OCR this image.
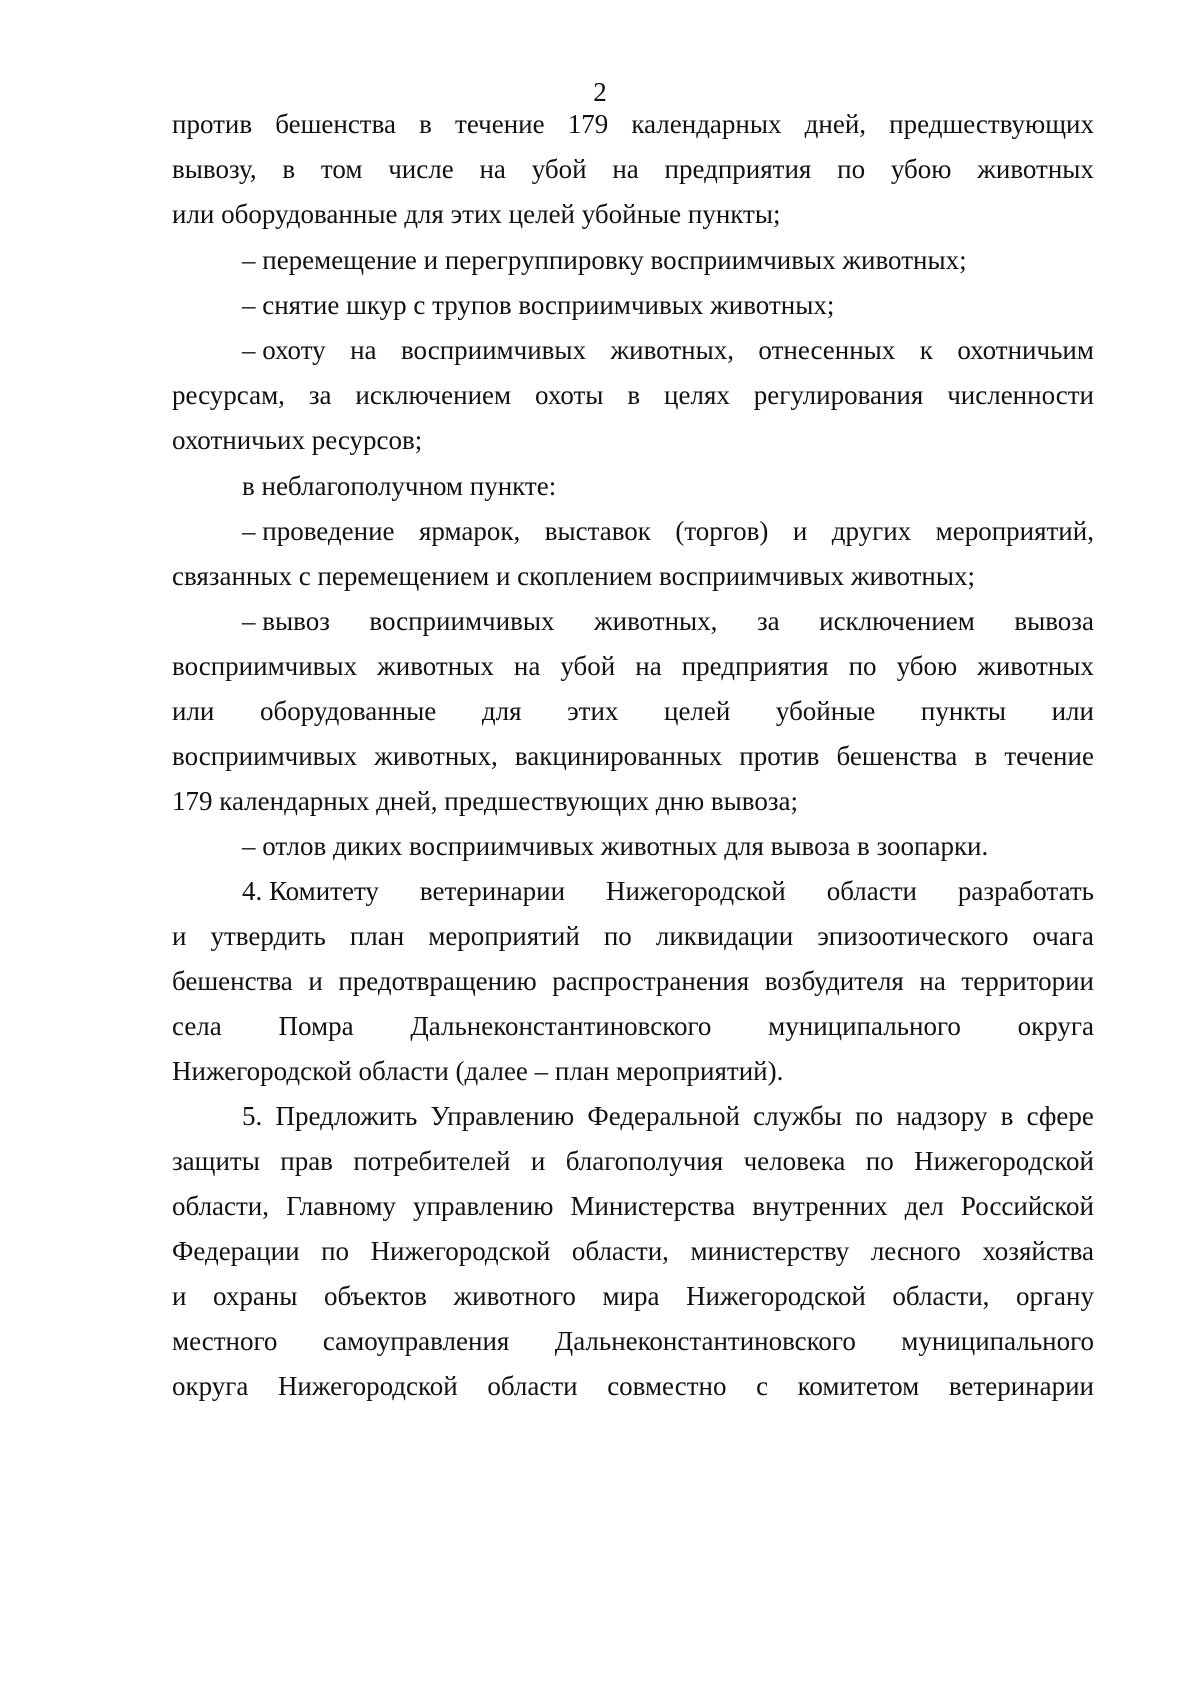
2
против бешенства в течение 179 календарных дней, предшествующих
вывозу, в том числе на убой на предприятия по убою животных
или оборудованные для этих целей убойные пункты;
– перемещение и перегруппировку восприимчивых животных;
– снятие шкур с трупов восприимчивых животных;
– охоту на восприимчивых животных, отнесенных к охотничьим
ресурсам, за исключением охоты в целях регулирования численности
охотничьих ресурсов;
в неблагополучном пункте:
– проведение ярмарок, выставок (торгов) и других мероприятий,
связанных с перемещением и скоплением восприимчивых животных;
– вывоз восприимчивых животных, за исключением вывоза
восприимчивых животных на убой на предприятия по убою животных
или оборудованные для этих целей убойные пункты или
восприимчивых животных, вакцинированных против бешенства в течение
179 календарных дней, предшествующих дню вывоза;
– отлов диких восприимчивых животных для вывоза в зоопарки.
4. Комитету ветеринарии Нижегородской области разработать
и утвердить план мероприятий по ликвидации эпизоотического очага
бешенства и предотвращению распространения возбудителя на территории
села Помра Дальнеконстантиновского муниципального округа
Нижегородской области (далее – план мероприятий).
5. Предложить Управлению Федеральной службы по надзору в сфере
защиты прав потребителей и благополучия человека по Нижегородской
области, Главному управлению Министерства внутренних дел Российской
Федерации по Нижегородской области, министерству лесного хозяйства
и охраны объектов животного мира Нижегородской области, органу
местного самоуправления Дальнеконстантиновского муниципального
округа Нижегородской области совместно с комитетом ветеринарии
